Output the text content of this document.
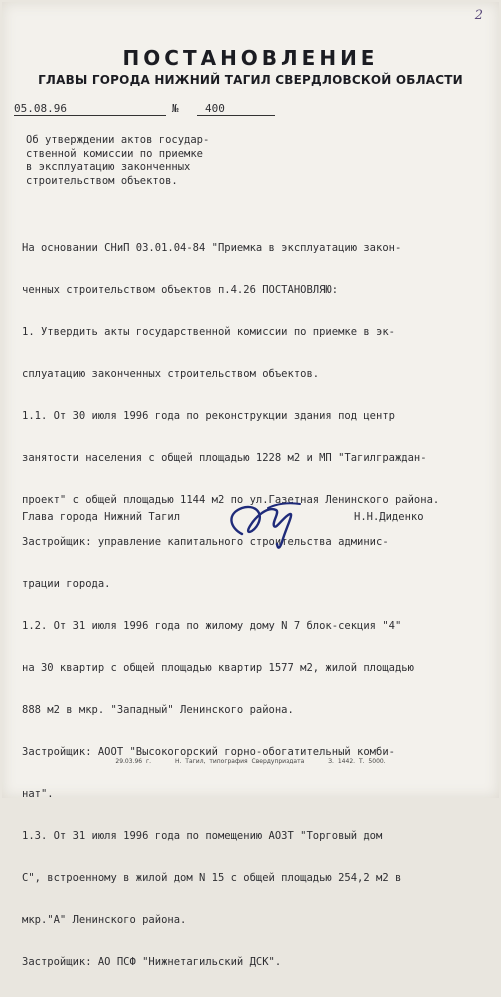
2
ПОСТАНОВЛЕНИЕ
ГЛАВЫ ГОРОДА НИЖНИЙ ТАГИЛ СВЕРДЛОВСКОЙ ОБЛАСТИ
05.08.96	№	400
Об утверждении актов государ-
ственной комиссии по приемке
в эксплуатацию законченных
строительством объектов.

На основании СНиП 03.01.04-84 "Приемка в эксплуатацию закон-

ченных строительством объектов п.4.26 ПОСТАНОВЛЯЮ:

1. Утвердить акты государственной комиссии по приемке в эк-

сплуатацию законченных строительством объектов.

1.1. От 30 июля 1996 года по реконструкции здания под центр

занятости населения с общей площадью 1228 м2 и МП "Тагилграждан-

проект" с общей площадью 1144 м2 по ул.Газетная Ленинского района.

Застройщик: управление капитального строительства админис-

трации города.

1.2. От 31 июля 1996 года по жилому дому N 7 блок-секция "4"

на 30 квартир с общей площадью квартир 1577 м2, жилой площадью

888 м2 в мкр. "Западный" Ленинского района.

Застройщик: АООТ "Высокогорский горно-обогатительный комби-

нат".

1.3. От 31 июля 1996 года по помещению АОЗТ "Торговый дом

С", встроенному в жилой дом N 15 с общей площадью 254,2 м2 в

мкр."А" Ленинского района.

Застройщик: АО ПСФ "Нижнетагильский ДСК".

Глава города Нижний Тагил	Н.Н.Диденко
29.03.96 г.	Н. Тагил, типография Свердуприздата	З. 1442. Т. 5000.
